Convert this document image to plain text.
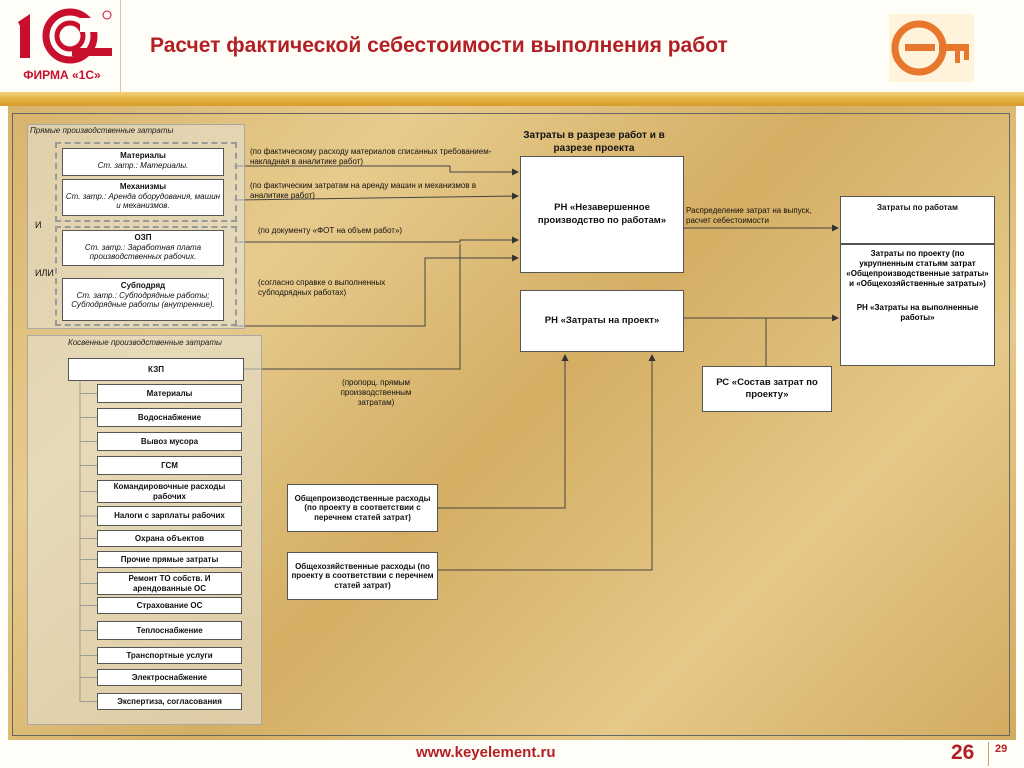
ФИРМА «1С»
Расчет фактической себестоимости выполнения работ
Прямые производственные затраты
Материалы
Ст. затр.: Материалы.
Механизмы
Ст. затр.: Аренда оборудования, машин и механизмов.
ОЗП
Ст. затр.: Заработная плата производственных рабочих.
Субподряд
Ст. затр.: Субподрядные работы; Субподрядные работы (внутренние).
И
ИЛИ
(по фактическому расходу материалов списанных требованием-накладная в аналитике работ)
(по фактическим затратам на аренду машин и механизмов в аналитике работ)
(по документу «ФОТ на объем работ»)
(согласно справке о выполненных субподрядных работах)
(пропорц. прямым производственным затратам)
Распределение затрат на выпуск, расчет себестоимости
Затраты в разрезе работ и в разрезе проекта
РН «Незавершенное производство по работам»
РН «Затраты на проект»
РС «Состав затрат по проекту»
Затраты по работам
Затраты по проекту (по укрупненным статьям затрат «Общепроизводственные затраты» и «Общехозяйственные затраты»)
РН «Затраты на выполненные работы»
Косвенные производственные затраты
КЗП
Материалы
Водоснабжение
Вывоз мусора
ГСМ
Командировочные расходы рабочих
Налоги с зарплаты рабочих
Охрана объектов
Прочие прямые затраты
Ремонт ТО собств. И арендованные ОС
Страхование ОС
Теплоснабжение
Транспортные услуги
Электроснабжение
Экспертиза, согласования
Общепроизводственные расходы (по проекту в соответствии с перечнем статей затрат)
Общехозяйственные расходы (по проекту в соответствии с перечнем статей затрат)
www.keyelement.ru	26 29
